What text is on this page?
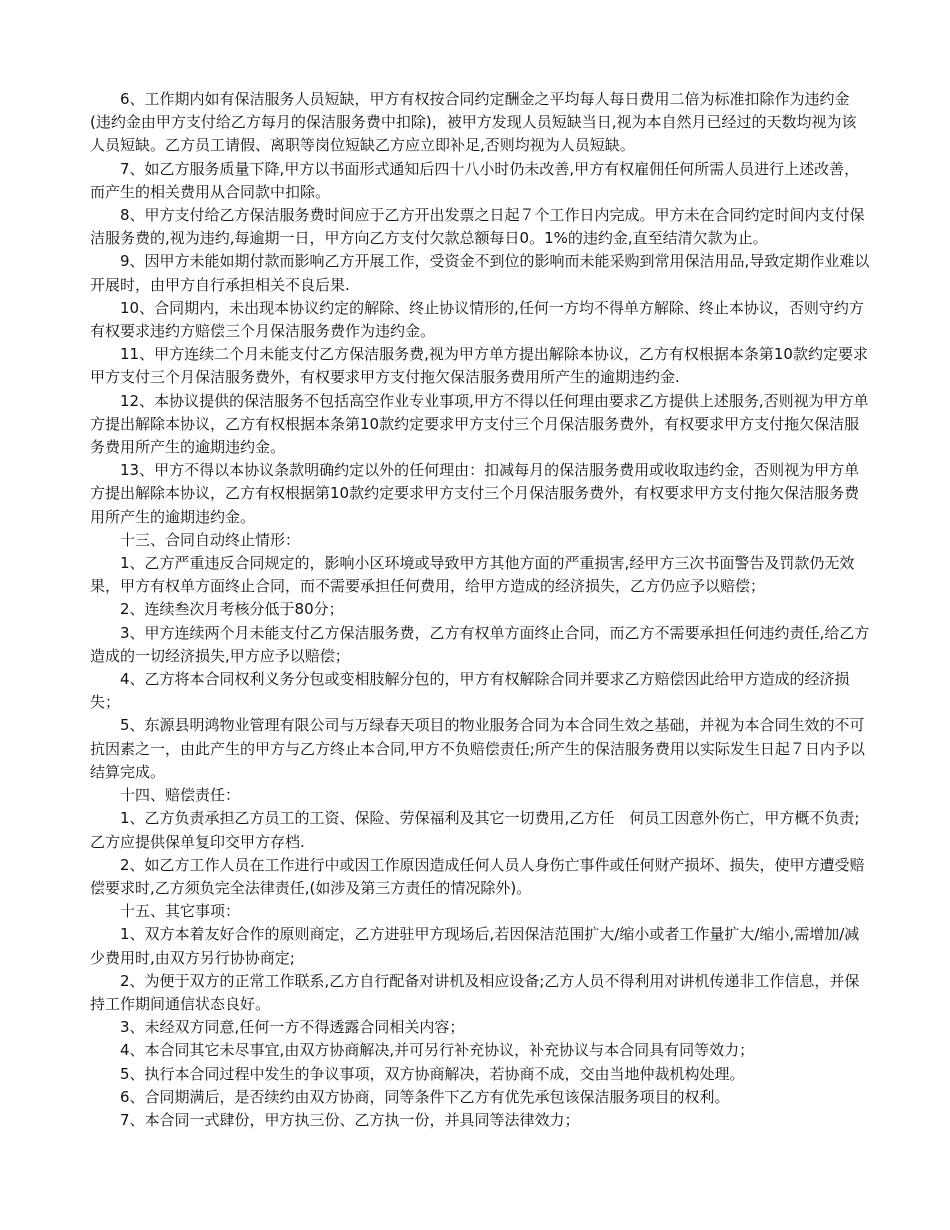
6、工作期内如有保洁服务人员短缺，甲方有权按合同约定酬金之平均每人每日费用二倍为标准扣除作为违约金(违约金由甲方支付给乙方每月的保洁服务费中扣除)，被甲方发现人员短缺当日,视为本自然月已经过的天数均视为该人员短缺。乙方员工请假、离职等岗位短缺乙方应立即补足,否则均视为人员短缺。

7、如乙方服务质量下降,甲方以书面形式通知后四十八小时仍未改善,甲方有权雇佣任何所需人员进行上述改善，而产生的相关费用从合同款中扣除。

8、甲方支付给乙方保洁服务费时间应于乙方开出发票之日起７个工作日内完成。甲方未在合同约定时间内支付保洁服务费的,视为违约,每逾期一日，甲方向乙方支付欠款总额每日0。1%的违约金,直至结清欠款为止。

9、因甲方未能如期付款而影响乙方开展工作，受资金不到位的影响而未能采购到常用保洁用品,导致定期作业难以开展时，由甲方自行承担相关不良后果.

10、合同期内，未出现本协议约定的解除、终止协议情形的,任何一方均不得单方解除、终止本协议，否则守约方有权要求违约方赔偿三个月保洁服务费作为违约金。

11、甲方连续二个月未能支付乙方保洁服务费,视为甲方单方提出解除本协议，乙方有权根据本条第10款约定要求甲方支付三个月保洁服务费外，有权要求甲方支付拖欠保洁服务费用所产生的逾期违约金.

12、本协议提供的保洁服务不包括高空作业专业事项,甲方不得以任何理由要求乙方提供上述服务,否则视为甲方单方提出解除本协议，乙方有权根据本条第10款约定要求甲方支付三个月保洁服务费外，有权要求甲方支付拖欠保洁服务费用所产生的逾期违约金。

13、甲方不得以本协议条款明确约定以外的任何理由：扣减每月的保洁服务费用或收取违约金，否则视为甲方单方提出解除本协议，乙方有权根据第10款约定要求甲方支付三个月保洁服务费外，有权要求甲方支付拖欠保洁服务费用所产生的逾期违约金。

十三、合同自动终止情形：

1、乙方严重违反合同规定的，影响小区环境或导致甲方其他方面的严重损害,经甲方三次书面警告及罚款仍无效果，甲方有权单方面终止合同，而不需要承担任何费用，给甲方造成的经济损失，乙方仍应予以赔偿；

2、连续叁次月考核分低于80分；

3、甲方连续两个月未能支付乙方保洁服务费，乙方有权单方面终止合同，而乙方不需要承担任何违约责任,给乙方造成的一切经济损失,甲方应予以赔偿；

4、乙方将本合同权利义务分包或变相肢解分包的，甲方有权解除合同并要求乙方赔偿因此给甲方造成的经济损失；

5、东源县明鸿物业管理有限公司与万绿春天项目的物业服务合同为本合同生效之基础，并视为本合同生效的不可抗因素之一，由此产生的甲方与乙方终止本合同,甲方不负赔偿责任;所产生的保洁服务费用以实际发生日起７日内予以结算完成。

十四、赔偿责任：

1、乙方负责承担乙方员工的工资、保险、劳保福利及其它一切费用,乙方任　何员工因意外伤亡，甲方概不负责;乙方应提供保单复印交甲方存档.

2、如乙方工作人员在工作进行中或因工作原因造成任何人员人身伤亡事件或任何财产损坏、损失，使甲方遭受赔偿要求时,乙方须负完全法律责任,(如涉及第三方责任的情况除外)。

十五、其它事项：

1、双方本着友好合作的原则商定，乙方进驻甲方现场后,若因保洁范围扩大/缩小或者工作量扩大/缩小,需增加/减少费用时,由双方另行协协商定;

2、为便于双方的正常工作联系,乙方自行配备对讲机及相应设备;乙方人员不得利用对讲机传递非工作信息，并保持工作期间通信状态良好。

3、未经双方同意,任何一方不得透露合同相关内容；

4、本合同其它未尽事宜,由双方协商解决,并可另行补充协议，补充协议与本合同具有同等效力；

5、执行本合同过程中发生的争议事项，双方协商解决，若协商不成，交由当地仲裁机构处理。

6、合同期满后，是否续约由双方协商，同等条件下乙方有优先承包该保洁服务项目的权利。

7、本合同一式肆份，甲方执三份、乙方执一份，并具同等法律效力；
